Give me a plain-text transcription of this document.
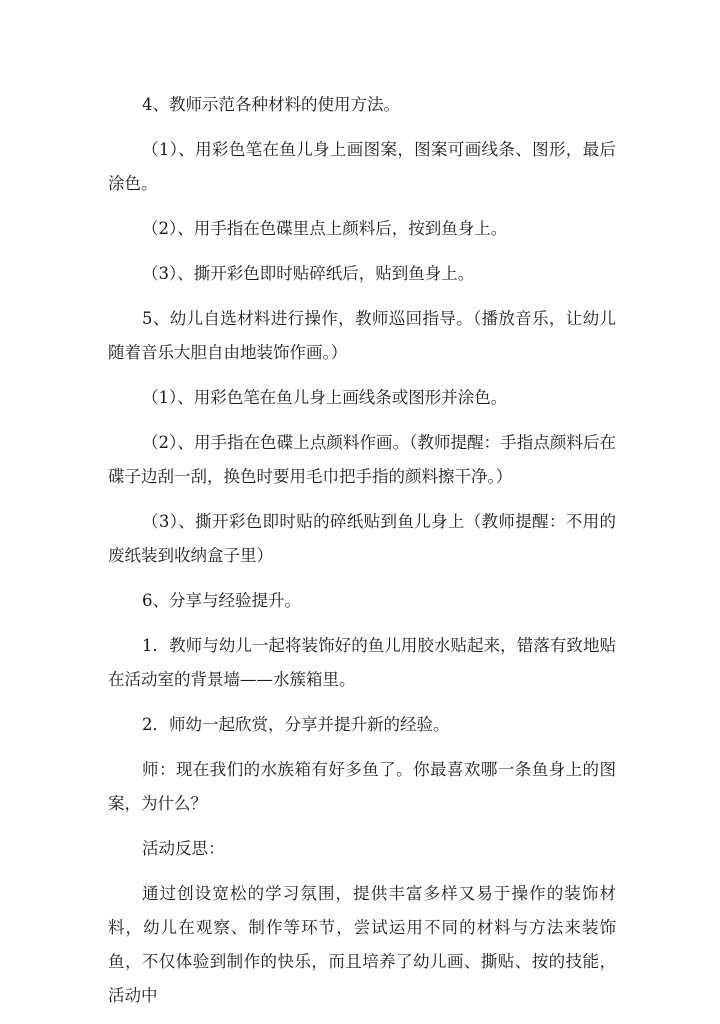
4、教师示范各种材料的使用方法。

（1）、用彩色笔在鱼儿身上画图案，图案可画线条、图形，最后涂色。

（2）、用手指在色碟里点上颜料后，按到鱼身上。

（3）、撕开彩色即时贴碎纸后，贴到鱼身上。

5、幼儿自选材料进行操作，教师巡回指导。（播放音乐，让幼儿随着音乐大胆自由地装饰作画。）

（1）、用彩色笔在鱼儿身上画线条或图形并涂色。

（2）、用手指在色碟上点颜料作画。（教师提醒：手指点颜料后在碟子边刮一刮，换色时要用毛巾把手指的颜料擦干净。）

（3）、撕开彩色即时贴的碎纸贴到鱼儿身上（教师提醒：不用的废纸装到收纳盒子里）

6、分享与经验提升。

1．教师与幼儿一起将装饰好的鱼儿用胶水贴起来，错落有致地贴在活动室的背景墙——水簇箱里。

2．师幼一起欣赏，分享并提升新的经验。

师：现在我们的水族箱有好多鱼了。你最喜欢哪一条鱼身上的图案，为什么？

活动反思：

通过创设宽松的学习氛围，提供丰富多样又易于操作的装饰材料，幼儿在观察、制作等环节，尝试运用不同的材料与方法来装饰鱼，不仅体验到制作的快乐，而且培养了幼儿画、撕贴、按的技能，活动中
